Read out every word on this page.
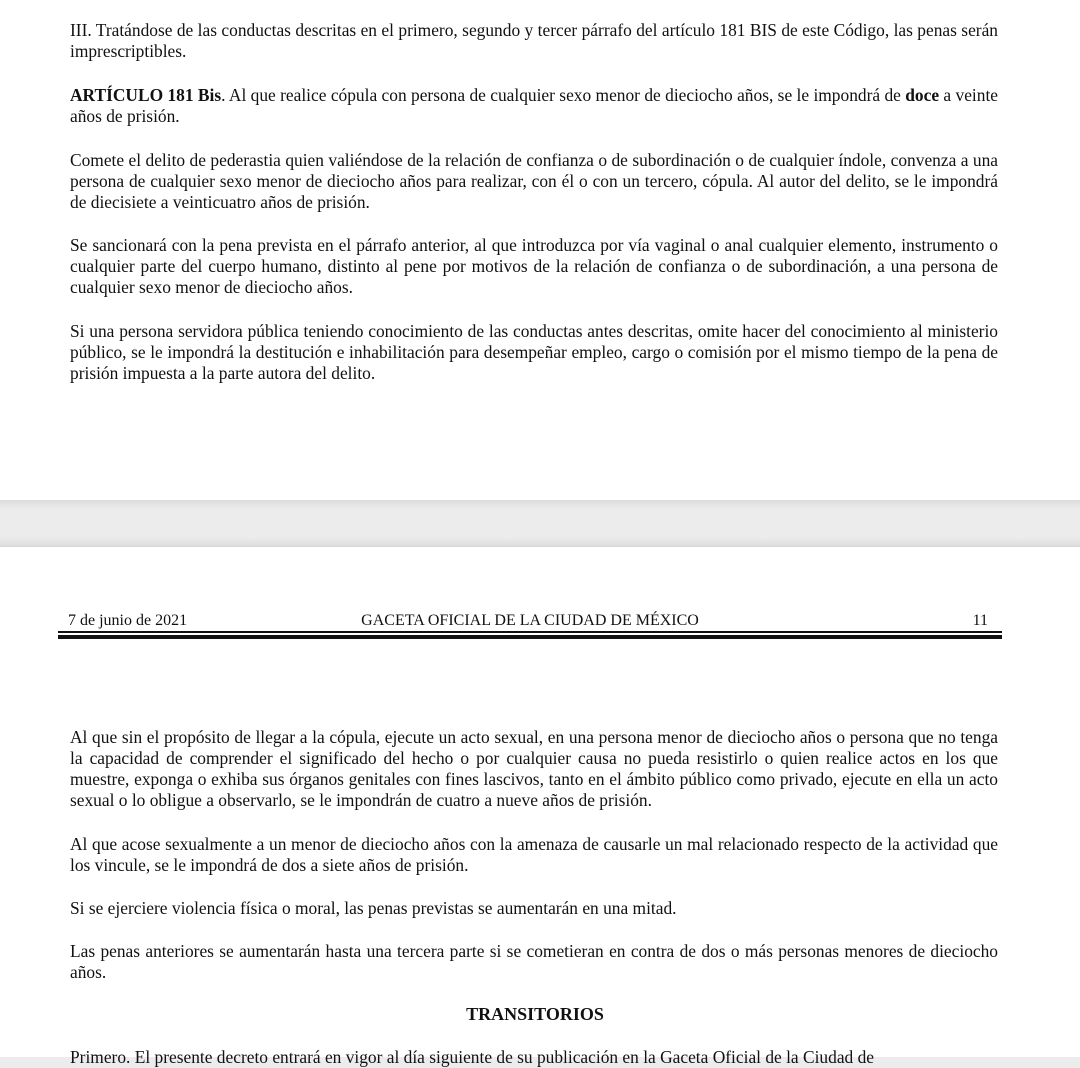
III. Tratándose de las conductas descritas en el primero, segundo y tercer párrafo del artículo 181 BIS de este Código, las penas serán imprescriptibles.

ARTÍCULO 181 Bis. Al que realice cópula con persona de cualquier sexo menor de dieciocho años, se le impondrá de doce a veinte años de prisión.

Comete el delito de pederastia quien valiéndose de la relación de confianza o de subordinación o de cualquier índole, convenza a una persona de cualquier sexo menor de dieciocho años para realizar, con él o con un tercero, cópula. Al autor del delito, se le impondrá de diecisiete a veinticuatro años de prisión.

Se sancionará con la pena prevista en el párrafo anterior, al que introduzca por vía vaginal o anal cualquier elemento, instrumento o cualquier parte del cuerpo humano, distinto al pene por motivos de la relación de confianza o de subordinación, a una persona de cualquier sexo menor de dieciocho años.

Si una persona servidora pública teniendo conocimiento de las conductas antes descritas, omite hacer del conocimiento al ministerio público, se le impondrá la destitución e inhabilitación para desempeñar empleo, cargo o comisión por el mismo tiempo de la pena de prisión impuesta a la parte autora del delito.

7 de junio de 2021	GACETA OFICIAL DE LA CIUDAD DE MÉXICO	11

Al que sin el propósito de llegar a la cópula, ejecute un acto sexual, en una persona menor de dieciocho años o persona que no tenga la capacidad de comprender el significado del hecho o por cualquier causa no pueda resistirlo o quien realice actos en los que muestre, exponga o exhiba sus órganos genitales con fines lascivos, tanto en el ámbito público como privado, ejecute en ella un acto sexual o lo obligue a observarlo, se le impondrán de cuatro a nueve años de prisión.

Al que acose sexualmente a un menor de dieciocho años con la amenaza de causarle un mal relacionado respecto de la actividad que los vincule, se le impondrá de dos a siete años de prisión.

Si se ejerciere violencia física o moral, las penas previstas se aumentarán en una mitad.

Las penas anteriores se aumentarán hasta una tercera parte si se cometieran en contra de dos o más personas menores de dieciocho años.

TRANSITORIOS
Primero. El presente decreto entrará en vigor al día siguiente de su publicación en la Gaceta Oficial de la Ciudad de
